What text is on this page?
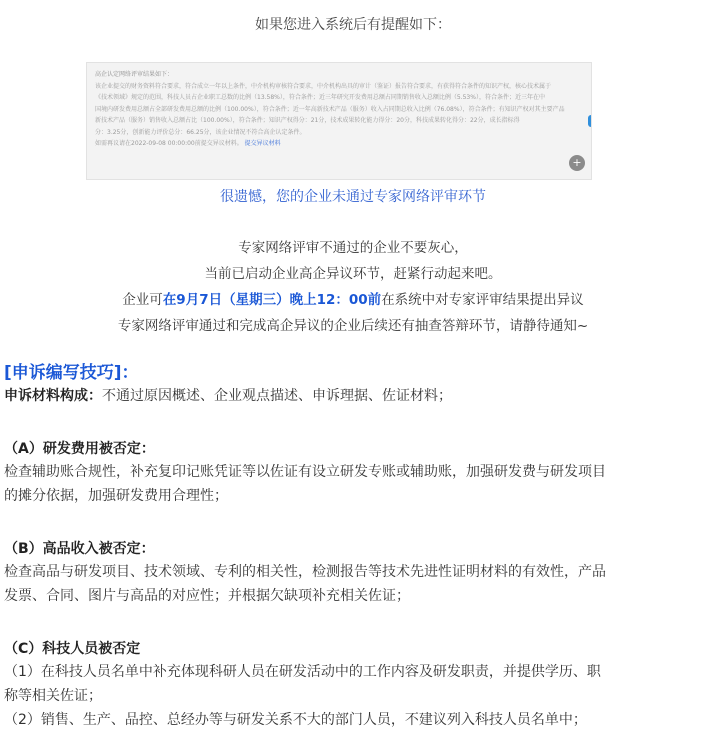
如果您进入系统后有提醒如下：

高企认定网络评审结果如下：

该企业提交的财务资料符合要求，符合成立一年以上条件，中介机构审核符合要求，中介机构出具的审计（鉴证）报告符合要求，有获得符合条件的知识产权，核心技术属于

《技术领域》规定的范围，科技人员占企业职工总数的比例（13.58%），符合条件；近三年研究开发费用总额占同期销售收入总额比例（5.53%），符合条件；近三年在中

国境内研发费用总额占全部研发费用总额的比例（100.00%），符合条件；近一年高新技术产品（服务）收入占同期总收入比例（76.08%），符合条件；有知识产权对其主要产品

新技术产品（服务）销售收入总额占比（100.00%），符合条件；知识产权得分：21分，技术成果转化能力得分：20分，科技成果转化得分：22分，成长指标得

分：3.25分，创新能力评价总分：66.25分，该企业情况不符合高企认定条件。

如需再议请在2022-09-08 00:00:00前提交异议材料。 提交异议材料

+
很遗憾，您的企业未通过专家网络评审环节
专家网络评审不通过的企业不要灰心，
当前已启动企业高企异议环节，赶紧行动起来吧。
企业可在9月7日（星期三）晚上12：00前在系统中对专家评审结果提出异议
专家网络评审通过和完成高企异议的企业后续还有抽查答辩环节，请静待通知~
[申诉编写技巧]：
申诉材料构成：不通过原因概述、企业观点描述、申诉理据、佐证材料；
（A）研发费用被否定：
检查辅助账合规性，补充复印记账凭证等以佐证有设立研发专账或辅助账，加强研发费与研发项目
的摊分依据，加强研发费用合理性；
（B）高品收入被否定：
检查高品与研发项目、技术领域、专利的相关性，检测报告等技术先进性证明材料的有效性，产品
发票、合同、图片与高品的对应性；并根据欠缺项补充相关佐证；
（C）科技人员被否定
（1）在科技人员名单中补充体现科研人员在研发活动中的工作内容及研发职责，并提供学历、职
称等相关佐证；
（2）销售、生产、品控、总经办等与研发关系不大的部门人员，不建议列入科技人员名单中；
